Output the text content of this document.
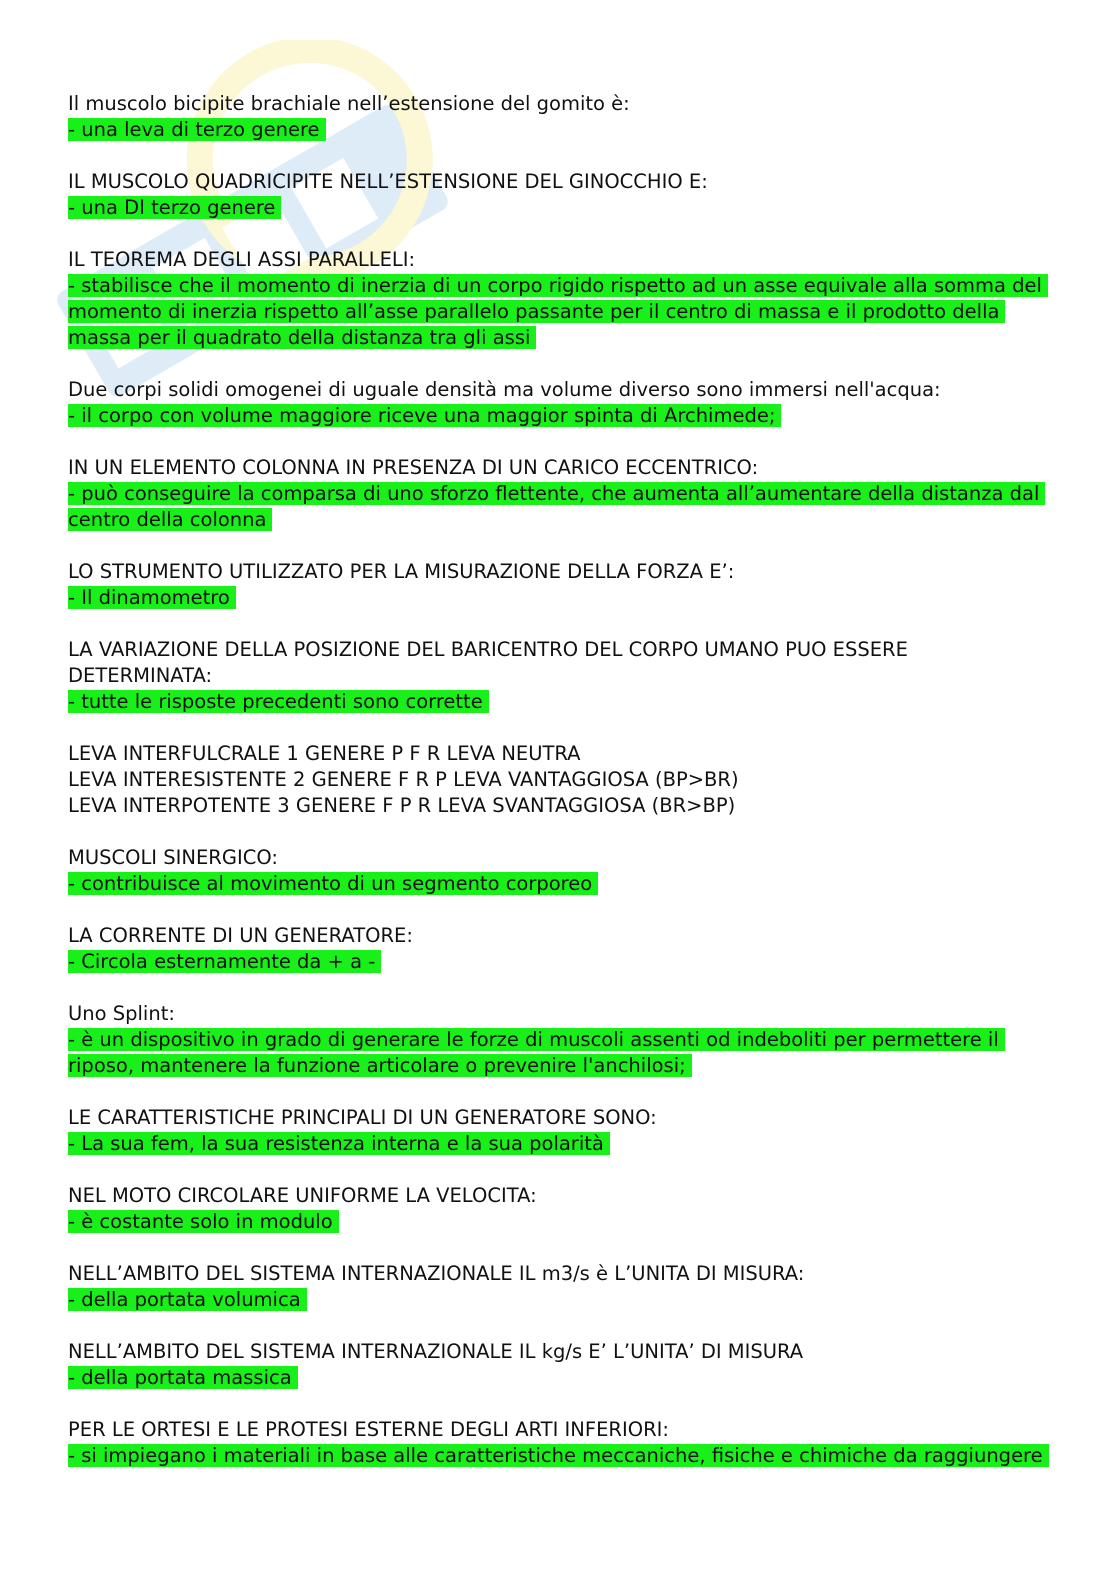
Il muscolo bicipite brachiale nell’estensione del gomito è:
- una leva di terzo genere
IL MUSCOLO QUADRICIPITE NELL’ESTENSIONE DEL GINOCCHIO E:
- una DI terzo genere
IL TEOREMA DEGLI ASSI PARALLELI:
- stabilisce che il momento di inerzia di un corpo rigido rispetto ad un asse equivale alla somma del momento di inerzia rispetto all’asse parallelo passante per il centro di massa e il prodotto della massa per il quadrato della distanza tra gli assi
Due corpi solidi omogenei di uguale densità ma volume diverso sono immersi nell'acqua:
- il corpo con volume maggiore riceve una maggior spinta di Archimede;
IN UN ELEMENTO COLONNA IN PRESENZA DI UN CARICO ECCENTRICO:
- può conseguire la comparsa di uno sforzo flettente, che aumenta all’aumentare della distanza dal centro della colonna
LO STRUMENTO UTILIZZATO PER LA MISURAZIONE DELLA FORZA E’:
- Il dinamometro
LA VARIAZIONE DELLA POSIZIONE DEL BARICENTRO DEL CORPO UMANO PUO ESSERE DETERMINATA:
- tutte le risposte precedenti sono corrette
LEVA INTERFULCRALE 1 GENERE P F R LEVA NEUTRA
LEVA INTERESISTENTE 2 GENERE F R P LEVA VANTAGGIOSA (BP>BR)
LEVA INTERPOTENTE 3 GENERE F P R LEVA SVANTAGGIOSA (BR>BP)
MUSCOLI SINERGICO:
- contribuisce al movimento di un segmento corporeo
LA CORRENTE DI UN GENERATORE:
- Circola esternamente da + a -
Uno Splint:
- è un dispositivo in grado di generare le forze di muscoli assenti od indeboliti per permettere il riposo, mantenere la funzione articolare o prevenire l'anchilosi;
LE CARATTERISTICHE PRINCIPALI DI UN GENERATORE SONO:
- La sua fem, la sua resistenza interna e la sua polarità
NEL MOTO CIRCOLARE UNIFORME LA VELOCITA:
- è costante solo in modulo
NELL’AMBITO DEL SISTEMA INTERNAZIONALE IL m3/s è L’UNITA DI MISURA:
- della portata volumica
NELL’AMBITO DEL SISTEMA INTERNAZIONALE IL kg/s E’ L’UNITA’ DI MISURA
- della portata massica
PER LE ORTESI E LE PROTESI ESTERNE DEGLI ARTI INFERIORI:
- si impiegano i materiali in base alle caratteristiche meccaniche, fisiche e chimiche da raggiungere
